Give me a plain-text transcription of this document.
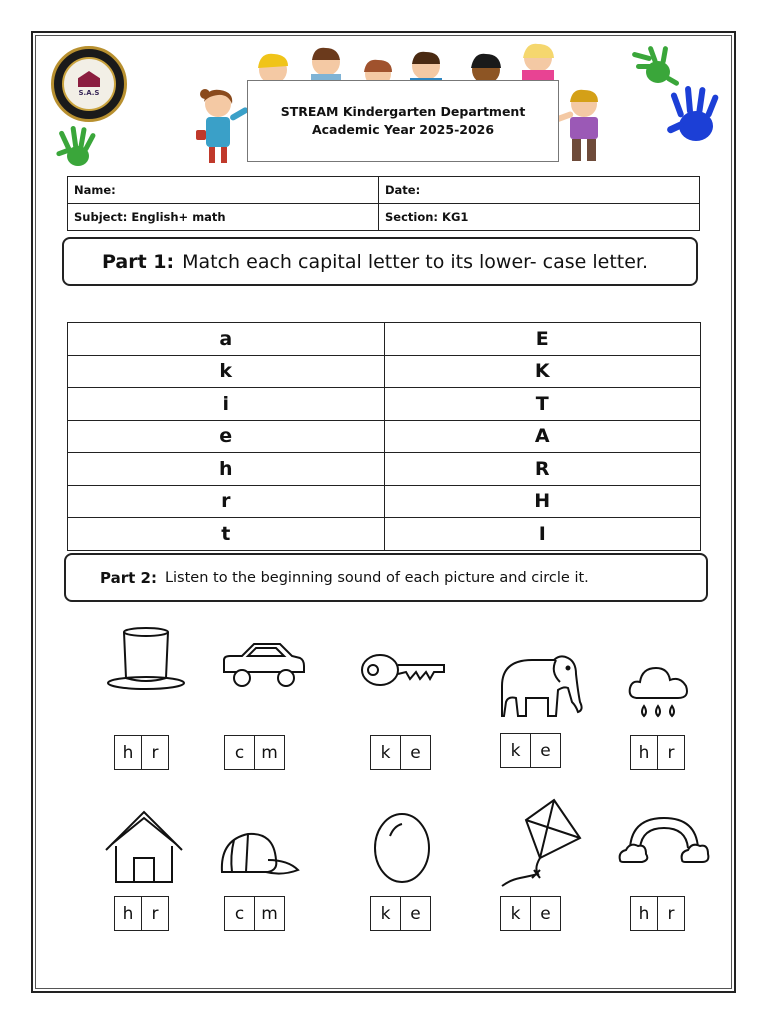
S.A.S
STREAM Kindergarten Department
Academic Year 2025-2026
Name:	Date:
Subject: English+ math	Section: KG1
Part 1: Match each capital letter to its lower- case letter.
a	E
k	K
i	T
e	A
h	R
r	H
t	I
Part 2: Listen to the beginning sound of each picture and circle it.
h	r	c	m	k	e	k	e	h	r
h	r	c	m	k	e	k	e	h	r
